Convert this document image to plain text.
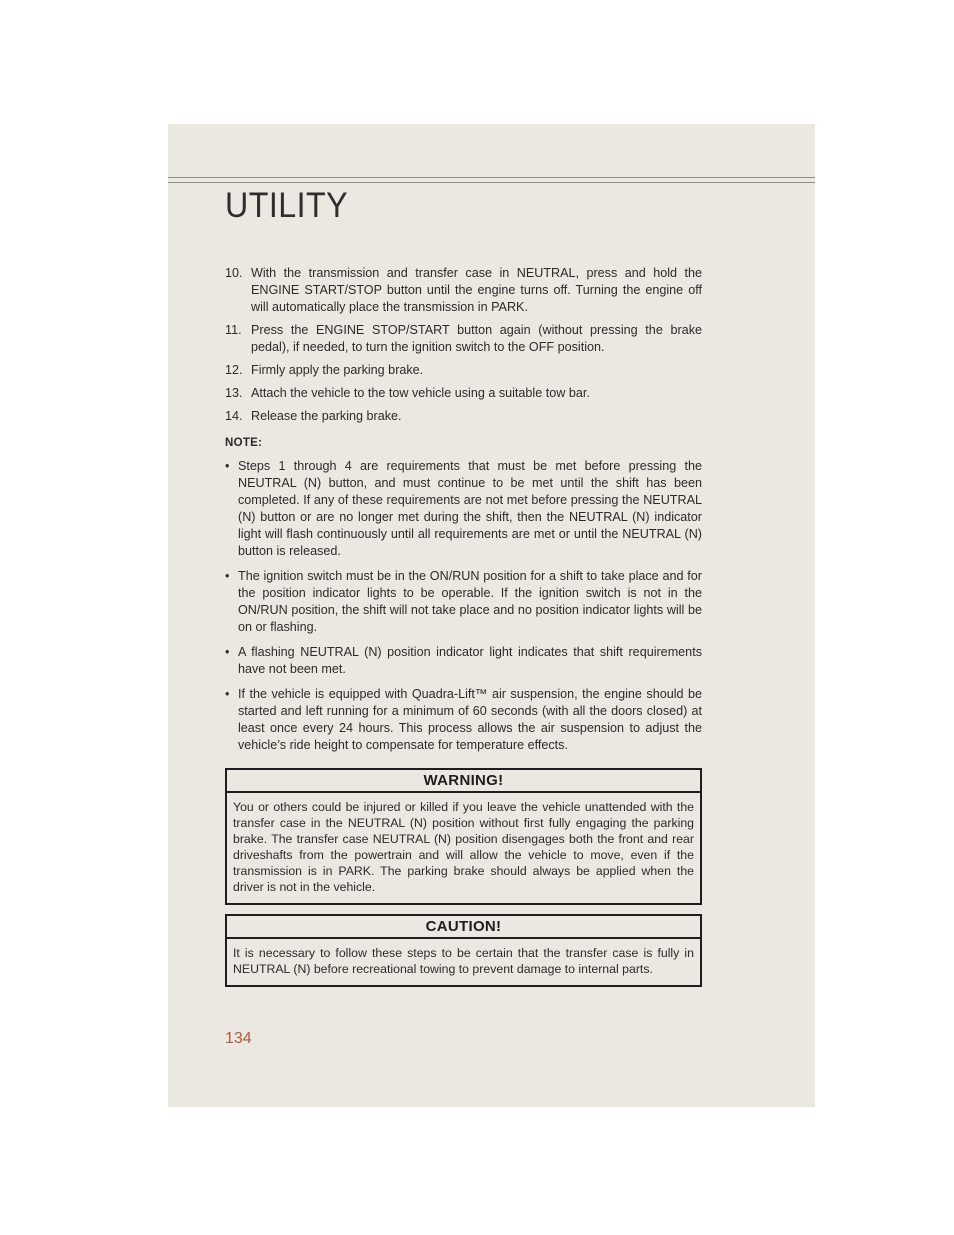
UTILITY
10. With the transmission and transfer case in NEUTRAL, press and hold the ENGINE START/STOP button until the engine turns off. Turning the engine off will automatically place the transmission in PARK.
11. Press the ENGINE STOP/START button again (without pressing the brake pedal), if needed, to turn the ignition switch to the OFF position.
12. Firmly apply the parking brake.
13. Attach the vehicle to the tow vehicle using a suitable tow bar.
14. Release the parking brake.
NOTE:
• Steps 1 through 4 are requirements that must be met before pressing the NEUTRAL (N) button, and must continue to be met until the shift has been completed. If any of these requirements are not met before pressing the NEUTRAL (N) button or are no longer met during the shift, then the NEUTRAL (N) indicator light will flash continuously until all requirements are met or until the NEUTRAL (N) button is released.
• The ignition switch must be in the ON/RUN position for a shift to take place and for the position indicator lights to be operable. If the ignition switch is not in the ON/RUN position, the shift will not take place and no position indicator lights will be on or flashing.
• A flashing NEUTRAL (N) position indicator light indicates that shift requirements have not been met.
• If the vehicle is equipped with Quadra-Lift™ air suspension, the engine should be started and left running for a minimum of 60 seconds (with all the doors closed) at least once every 24 hours. This process allows the air suspension to adjust the vehicle’s ride height to compensate for temperature effects.
WARNING!
You or others could be injured or killed if you leave the vehicle unattended with the transfer case in the NEUTRAL (N) position without first fully engaging the parking brake. The transfer case NEUTRAL (N) position disengages both the front and rear driveshafts from the powertrain and will allow the vehicle to move, even if the transmission is in PARK. The parking brake should always be applied when the driver is not in the vehicle.
CAUTION!
It is necessary to follow these steps to be certain that the transfer case is fully in NEUTRAL (N) before recreational towing to prevent damage to internal parts.
134
